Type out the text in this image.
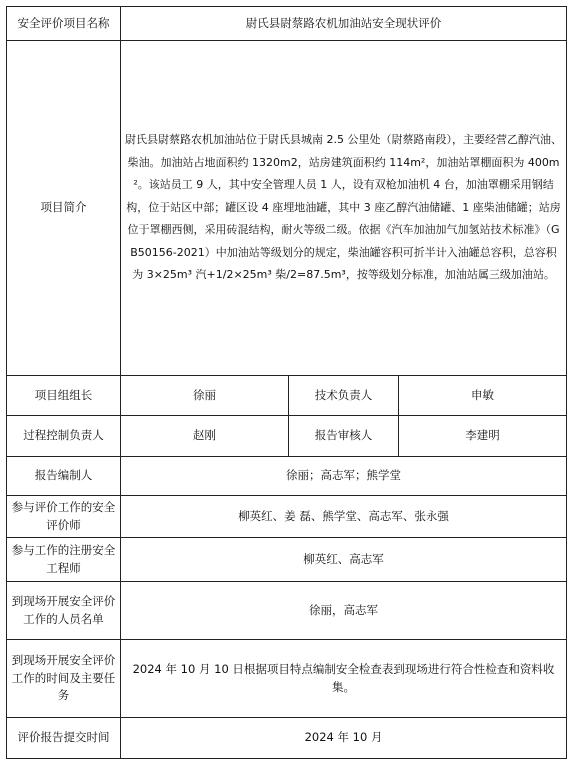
安全评价项目名称	尉氏县尉蔡路农机加油站安全现状评价		
项目简介	尉氏县尉蔡路农机加油站位于尉氏县城南 2.5 公里处（尉蔡路南段），主要经营乙醇汽油、柴油。加油站占地面积约 1320m2，站房建筑面积约 114m²，加油站罩棚面积为 400m²。该站员工 9 人，其中安全管理人员 1 人，设有双枪加油机 4 台，加油罩棚采用钢结构，位于站区中部；罐区设 4 座埋地油罐，其中 3 座乙醇汽油储罐、1 座柴油储罐；站房位于罩棚西侧，采用砖混结构，耐火等级二级。依据《汽车加油加气加氢站技术标准》（GB50156-2021）中加油站等级划分的规定，柴油罐容积可折半计入油罐总容积，总容积为 3×25m³ 汽+1/2×25m³ 柴/2=87.5m³，按等级划分标准，加油站属三级加油站。		
项目组组长	徐丽	技术负责人	申敏
过程控制负责人	赵刚	报告审核人	李建明
报告编制人	徐丽；高志军；熊学堂		
参与评价工作的安全评价师	柳英红、姜 磊、熊学堂、高志军、张永强		
参与工作的注册安全工程师	柳英红、高志军		
到现场开展安全评价工作的人员名单	徐丽，高志军		
到现场开展安全评价工作的时间及主要任务	2024 年 10 月 10 日根据项目特点编制安全检查表到现场进行符合性检查和资料收集。		
评价报告提交时间	2024 年 10 月		
